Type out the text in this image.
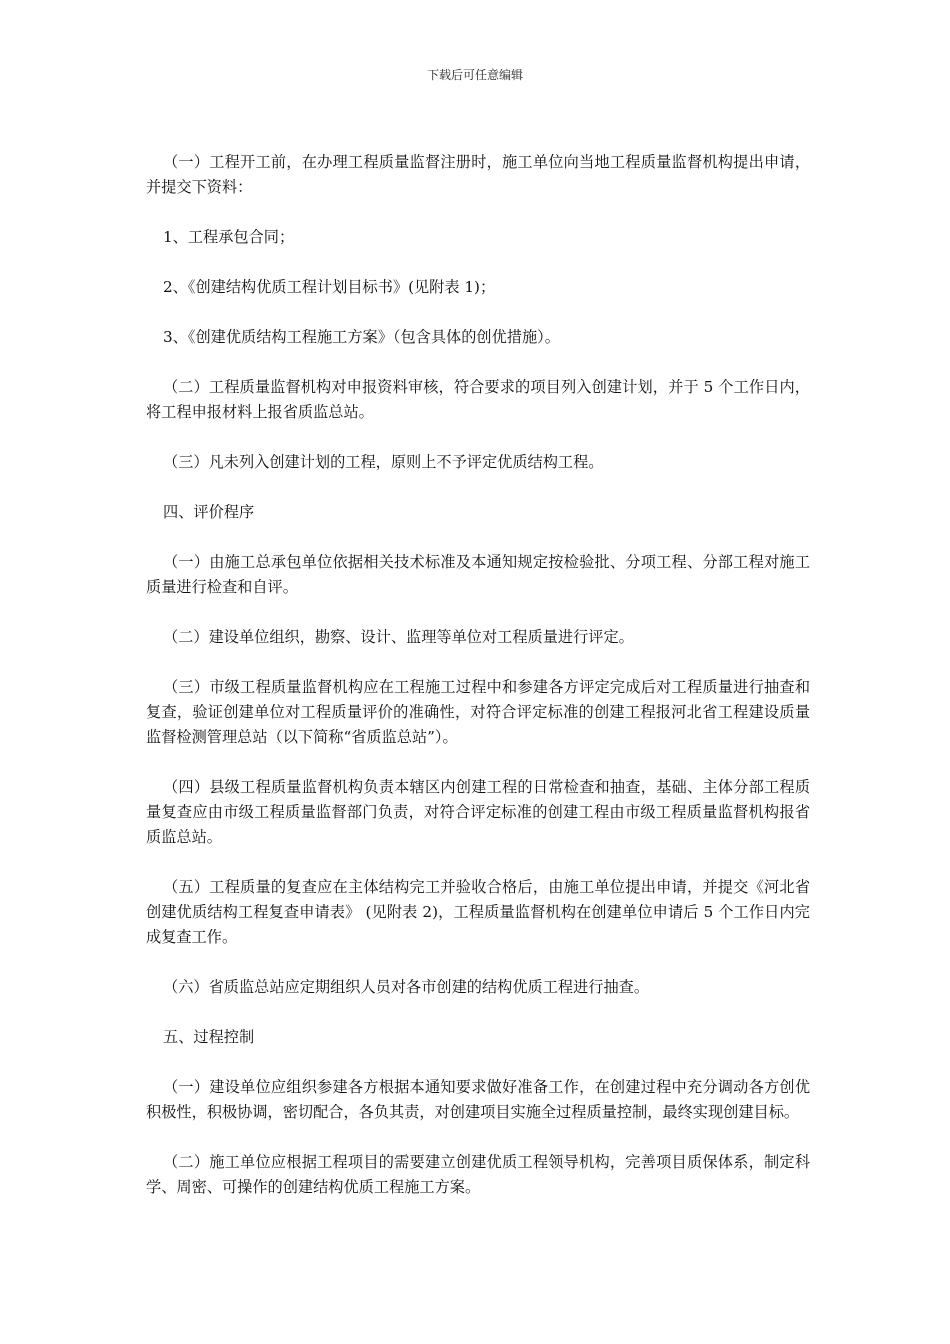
下载后可任意编辑

（一）工程开工前，在办理工程质量监督注册时，施工单位向当地工程质量监督机构提出申请，并提交下资料：

1、工程承包合同；

2、《创建结构优质工程计划目标书》(见附表 1)；

3、《创建优质结构工程施工方案》（包含具体的创优措施）。

（二）工程质量监督机构对申报资料审核，符合要求的项目列入创建计划，并于 5 个工作日内，将工程申报材料上报省质监总站。

（三）凡未列入创建计划的工程，原则上不予评定优质结构工程。

四、评价程序

（一）由施工总承包单位依据相关技术标准及本通知规定按检验批、分项工程、分部工程对施工质量进行检查和自评。

（二）建设单位组织，勘察、设计、监理等单位对工程质量进行评定。

（三）市级工程质量监督机构应在工程施工过程中和参建各方评定完成后对工程质量进行抽查和复查，验证创建单位对工程质量评价的准确性，对符合评定标准的创建工程报河北省工程建设质量监督检测管理总站（以下简称“省质监总站”）。

（四）县级工程质量监督机构负责本辖区内创建工程的日常检查和抽查，基础、主体分部工程质量复查应由市级工程质量监督部门负责，对符合评定标准的创建工程由市级工程质量监督机构报省质监总站。

（五）工程质量的复查应在主体结构完工并验收合格后，由施工单位提出申请，并提交《河北省创建优质结构工程复查申请表》 (见附表 2)，工程质量监督机构在创建单位申请后 5 个工作日内完成复查工作。

（六）省质监总站应定期组织人员对各市创建的结构优质工程进行抽查。

五、过程控制

（一）建设单位应组织参建各方根据本通知要求做好准备工作，在创建过程中充分调动各方创优积极性，积极协调，密切配合，各负其责，对创建项目实施全过程质量控制，最终实现创建目标。

（二）施工单位应根据工程项目的需要建立创建优质工程领导机构，完善项目质保体系，制定科学、周密、可操作的创建结构优质工程施工方案。
